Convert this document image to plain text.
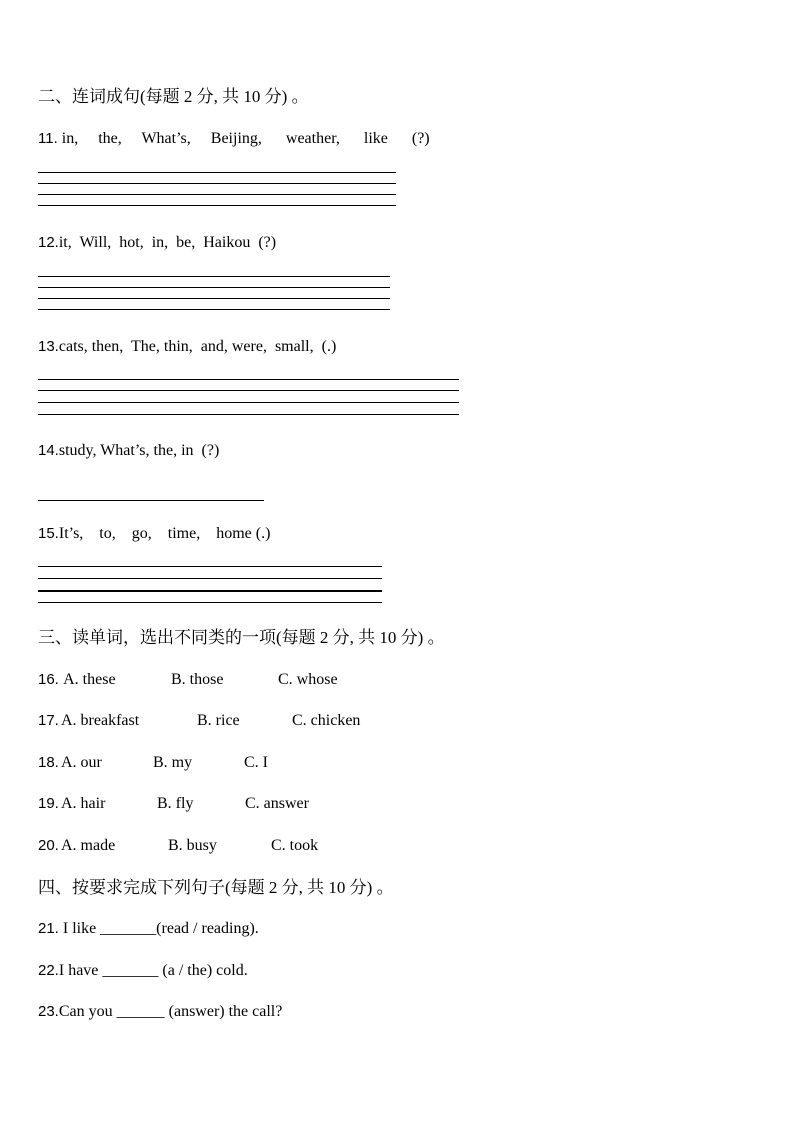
二、连词成句(每题 2 分, 共 10 分) 。
11. in,     the,     What’s,     Beijing,      weather,      like      (?)
12.it,  Will,  hot,  in,  be,  Haikou  (?)
13.cats, then,  The, thin,  and, were,  small,  (.)
14.study, What’s, the, in  (?)
15.It’s,    to,    go,    time,    home (.)
三、读单词，选出不同类的一项(每题 2 分, 共 10 分) 。

16.

A. these

	B. those

	C. whose

17.

A. breakfast

	B. rice

	C. chicken

18.

A. our

	B. my

	C. I

19.

A. hair

	B. fly

	C. answer

20.

A. made

	B. busy

	C. took

四、按要求完成下列句子(每题 2 分, 共 10 分) 。
21. I like _______(read / reading).
22.I have _______ (a / the) cold.
23.Can you ______ (answer) the call?
